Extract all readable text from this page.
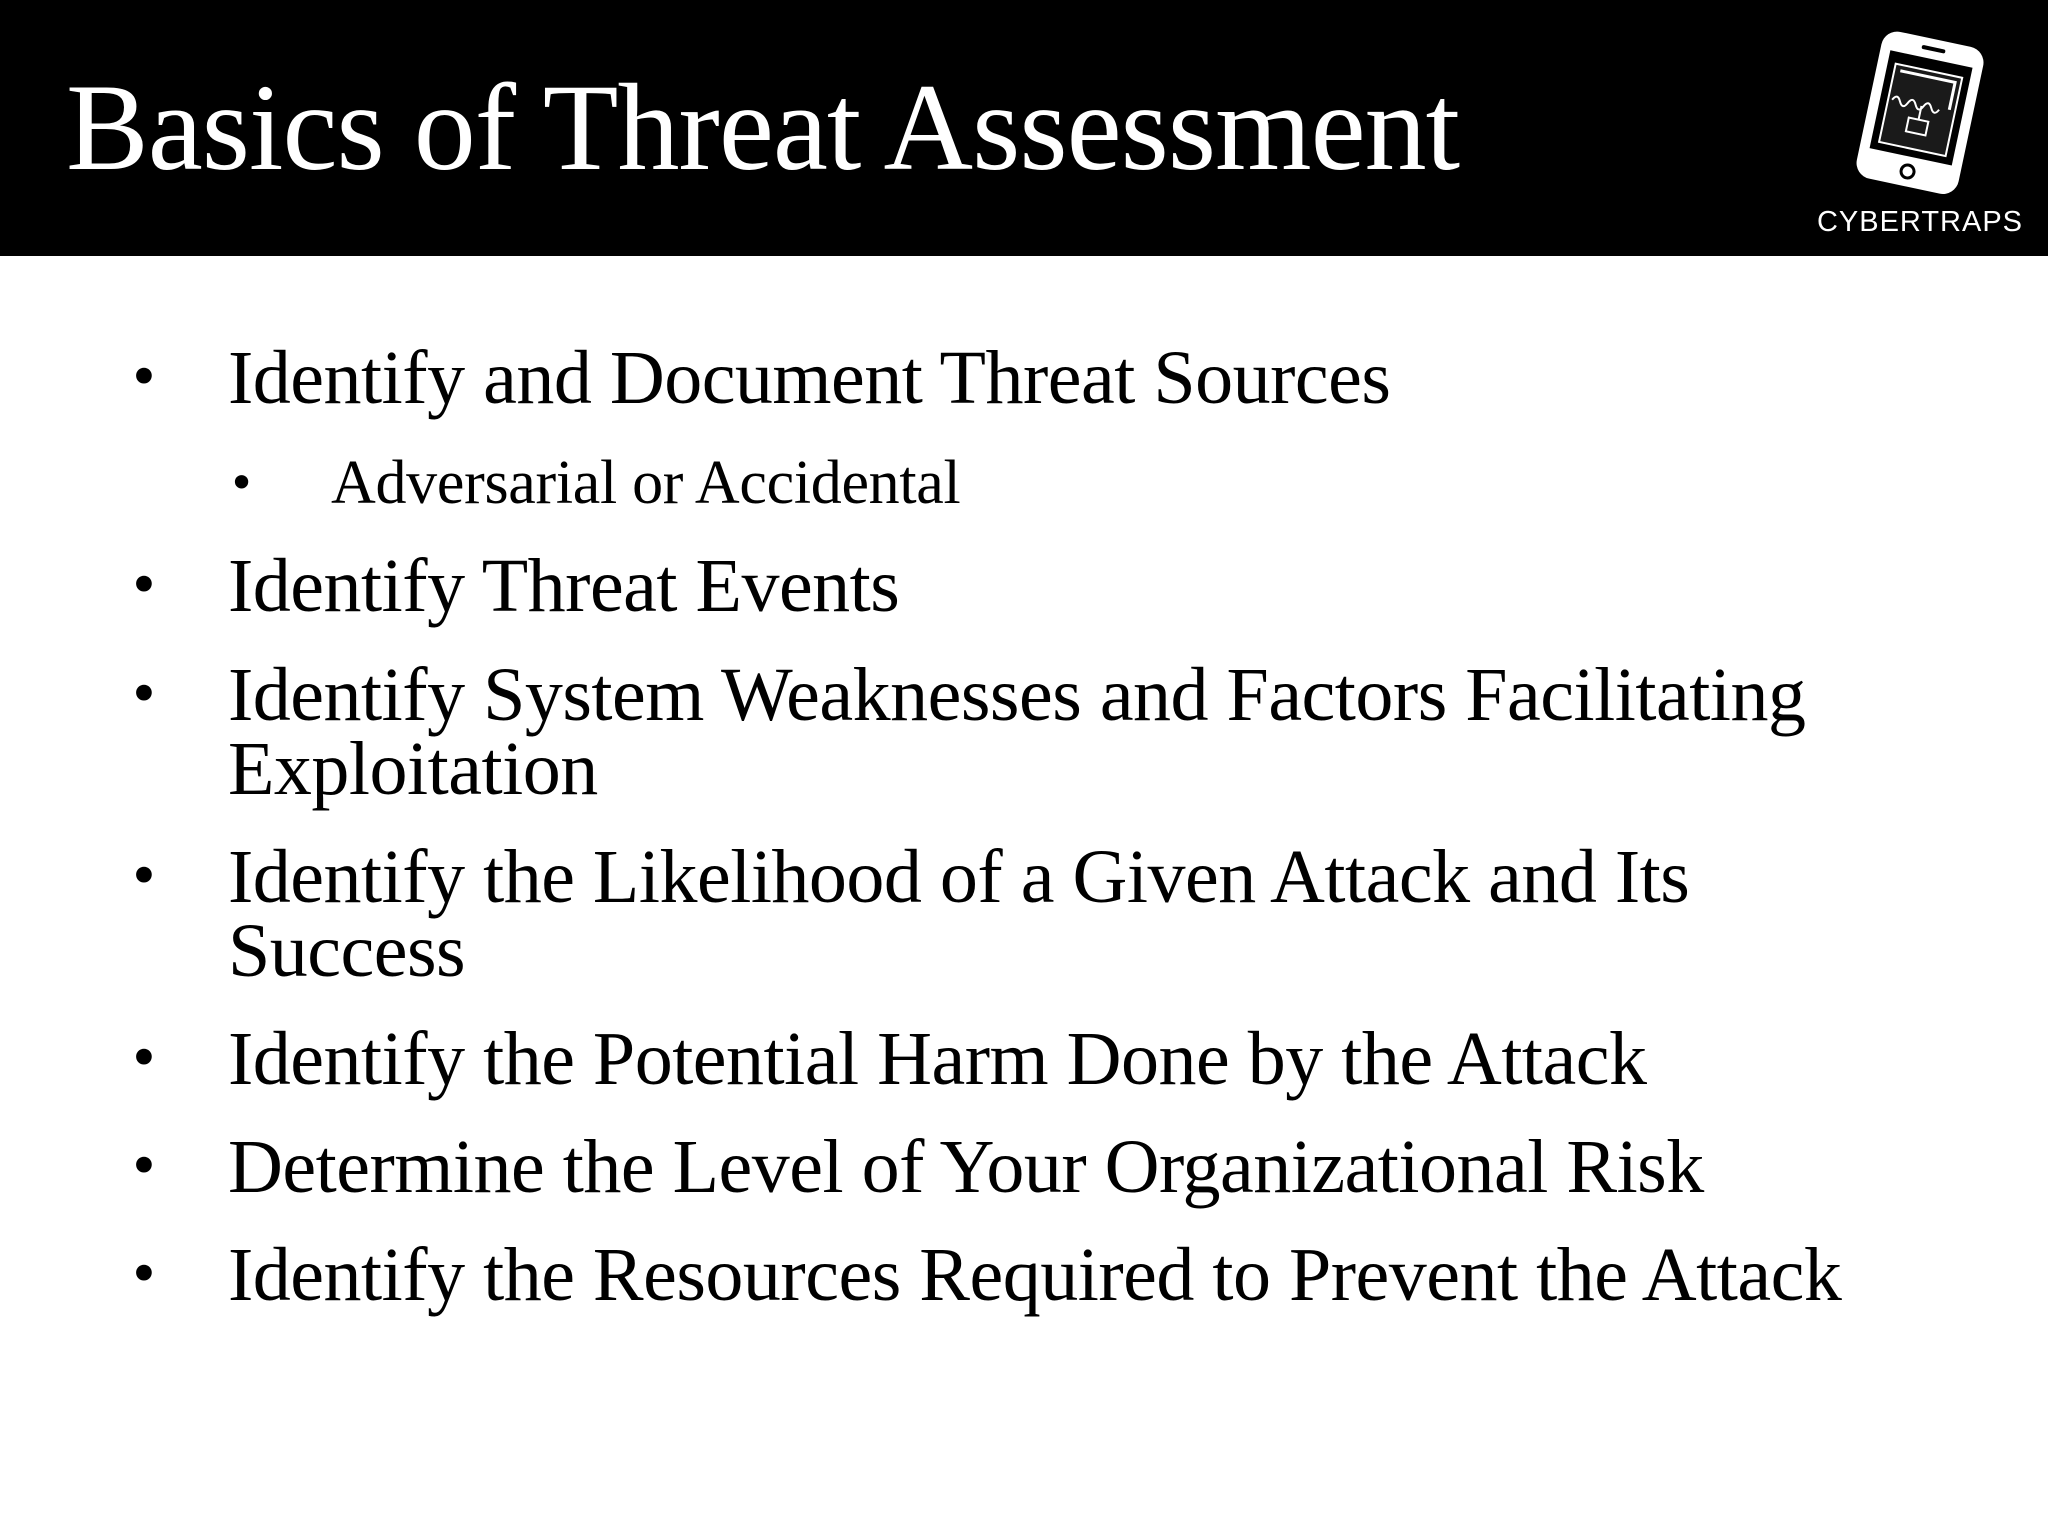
Basics of Threat Assessment
CYBERTRAPS

• Identify and Document Threat Sources

• Adversarial or Accidental

• Identify Threat Events

• Identify System Weaknesses and Factors Facilitating
Exploitation

• Identify the Likelihood of a Given Attack and Its
Success

• Identify the Potential Harm Done by the Attack

• Determine the Level of Your Organizational Risk

• Identify the Resources Required to Prevent the Attack
